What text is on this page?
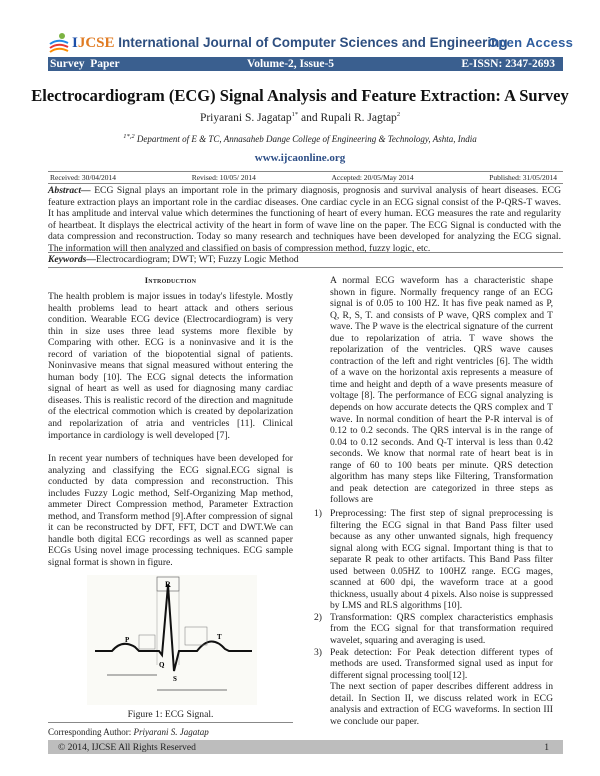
IJCSE International Journal of Computer Sciences and Engineering
Open Access
Survey  Paper	Volume-2, Issue-5	E-ISSN: 2347-2693
Electrocardiogram (ECG) Signal Analysis and Feature Extraction: A Survey
Priyarani S. Jagatap$^{1*}$ and Rupali R. Jagtap$^2$
$^{1*,2}$ Department of E & TC, Annasaheb Dange College of Engineering & Technology, Ashta, India
www.ijcaonline.org
Received: 30/04/2014	Revised: 10/05/ 2014	Accepted: 20/05/May 2014	Published: 31/05/2014
Abstract— ECG Signal plays an important role in the primary diagnosis, prognosis and survival analysis of heart diseases. ECG feature extraction plays an important role in the cardiac diseases. One cardiac cycle in an ECG signal consist of the P-QRS-T waves. It has amplitude and interval value which determines the functioning of heart of every human. ECG measures the rate and regularity of heartbeat. It displays the electrical activity of the heart in form of wave line on the paper. The ECG Signal is conducted with the data compression and reconstruction. Today so many research and techniques have been developed for analyzing the ECG signal. The information will then analyzed and classified on basis of compression method, fuzzy logic, etc.
Keywords—Electrocardiogram; DWT; WT; Fuzzy Logic Method
Introduction
The health problem is major issues in today's lifestyle. Mostly health problems lead to heart attack and others serious condition. Wearable ECG device (Electrocardiogram) is very thin in size uses three lead systems more flexible by Comparing with other. ECG is a noninvasive and it is the record of variation of the biopotential signal of patients. Noninvasive means that signal measured without entering the human body [10]. The ECG signal detects the information signal of heart as well as used for diagnosing many cardiac diseases. This is realistic record of the direction and magnitude of the electrical commotion which is created by depolarization and repolarization of atria and ventricles [11]. Clinical importance in cardiology is well developed [7].
In recent year numbers of techniques have been developed for analyzing and classifying the ECG signal.ECG signal is conducted by data compression and reconstruction. This includes Fuzzy Logic method, Self-Organizing Map method, ammeter Direct Compression method, Parameter Extraction method, and Transform method [9].After compression of signal it can be reconstructed by DFT, FFT, DCT and DWT.We can handle both digital ECG recordings as well as scanned paper ECGs Using novel image processing techniques. ECG sample signal format is shown in figure.
R
P
Q
S
T
Figure 1: ECG Signal.
Corresponding Author: Priyarani S. Jagatap
A normal ECG waveform has a characteristic shape shown in figure. Normally frequency range of an ECG signal is of 0.05 to 100 HZ. It has five peak named as P, Q, R, S, T. and consists of P wave, QRS complex and T wave. The P wave is the electrical signature of the current due to repolarization of atria. T wave shows the repolarization of the ventricles. QRS wave causes contraction of the left and right ventricles [6]. The width of a wave on the horizontal axis represents a measure of time and height and depth of a wave presents measure of voltage [8]. The performance of ECG signal analyzing is depends on how accurate detects the QRS complex and T wave. In normal condition of heart the P-R interval is of 0.12 to 0.2 seconds. The QRS interval is in the range of 0.04 to 0.12 seconds. And Q-T interval is less than 0.42 seconds. We know that normal rate of heart beat is in range of 60 to 100 beats per minute. QRS detection algorithm has many steps like Filtering, Transformation and peak detection are categorized in three steps as follows are
1) Preprocessing: The first step of signal preprocessing is filtering the ECG signal in that Band Pass filter used because as any other unwanted signals, high frequency signal along with ECG signal. Important thing is that to separate R peak to other artifacts. This Band Pass filter used between 0.05HZ to 100HZ range. ECG mages, scanned at 600 dpi, the waveform trace at a good thickness, usually about 4 pixels. Also noise is suppressed by LMS and RLS algorithms [10].
2) Transformation: QRS complex characteristics emphasis from the ECG signal for that transformation required wavelet, squaring and averaging is used.
3) Peak detection: For Peak detection different types of methods are used. Transformed signal used as input for different signal processing tool[12].
The next section of paper describes different address in detail. In Section II, we discuss related work in ECG analysis and extraction of ECG waveforms. In section III we conclude our paper.
© 2014, IJCSE All Rights Reserved	1
